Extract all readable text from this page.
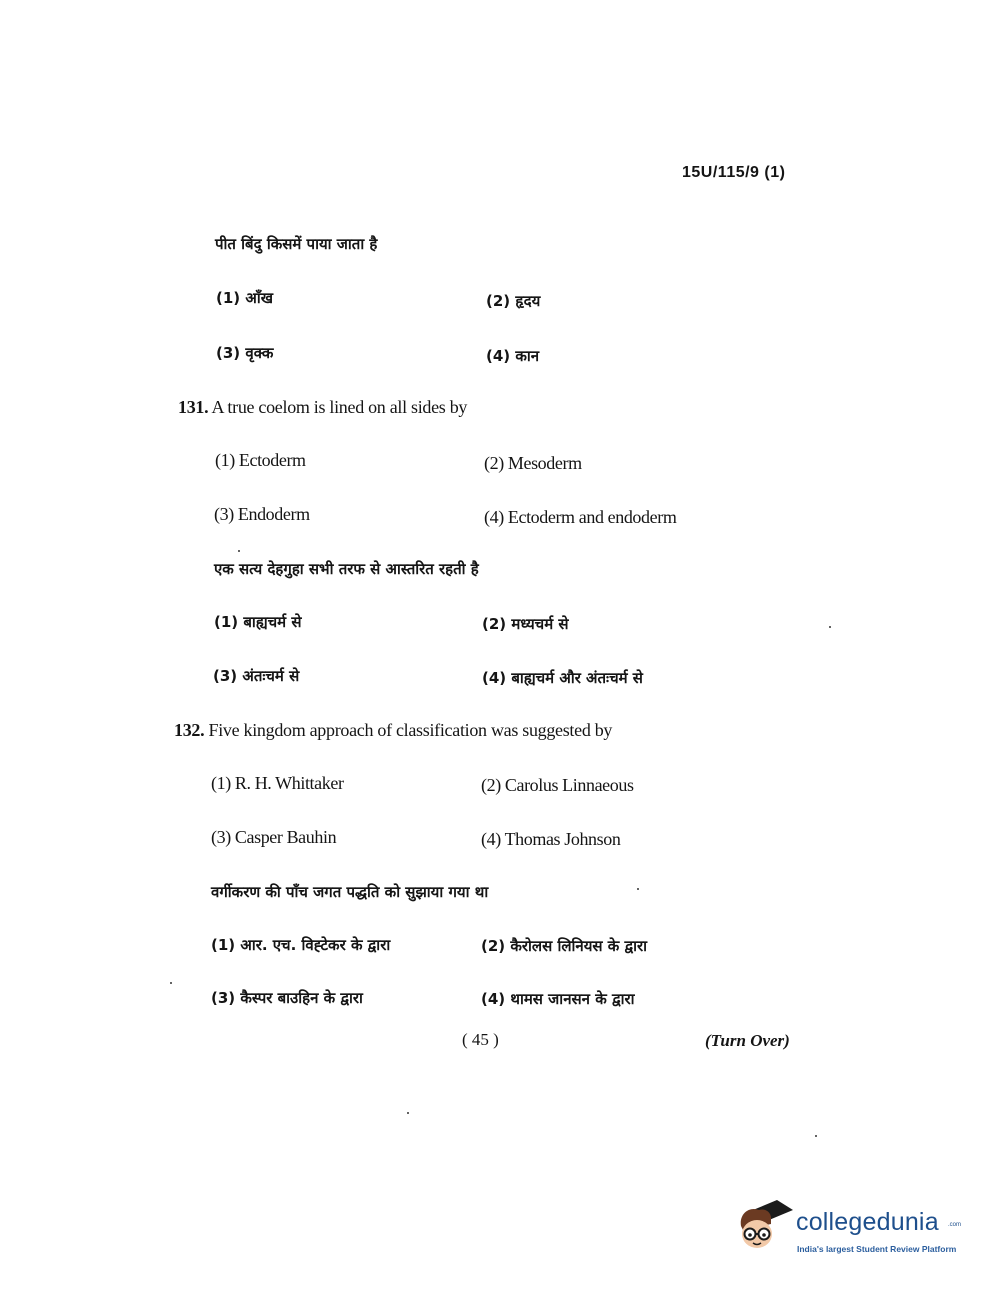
15U/115/9 (1)
पीत बिंदु किसमें पाया जाता है
(1) आँख	(2) हृदय
(3) वृक्क	(4) कान
131. A true coelom is lined on all sides by
(1) Ectoderm	(2) Mesoderm
(3) Endoderm	(4) Ectoderm and endoderm
एक सत्य देहगुहा सभी तरफ से आस्तरित रहती है
(1) बाह्यचर्म से	(2) मध्यचर्म से
(3) अंतःचर्म से	(4) बाह्यचर्म और अंतःचर्म से
132. Five kingdom approach of classification was suggested by
(1) R. H. Whittaker	(2) Carolus Linnaeous
(3) Casper Bauhin	(4) Thomas Johnson
वर्गीकरण की पाँच जगत पद्धति को सुझाया गया था
(1) आर. एच. विह्टेकर के द्वारा	(2) कैरोलस लिनियस के द्वारा
(3) कैस्पर बाउहिन के द्वारा	(4) थामस जानसन के द्वारा
( 45 )	(Turn Over)
collegedunia .com
India's largest Student Review Platform
